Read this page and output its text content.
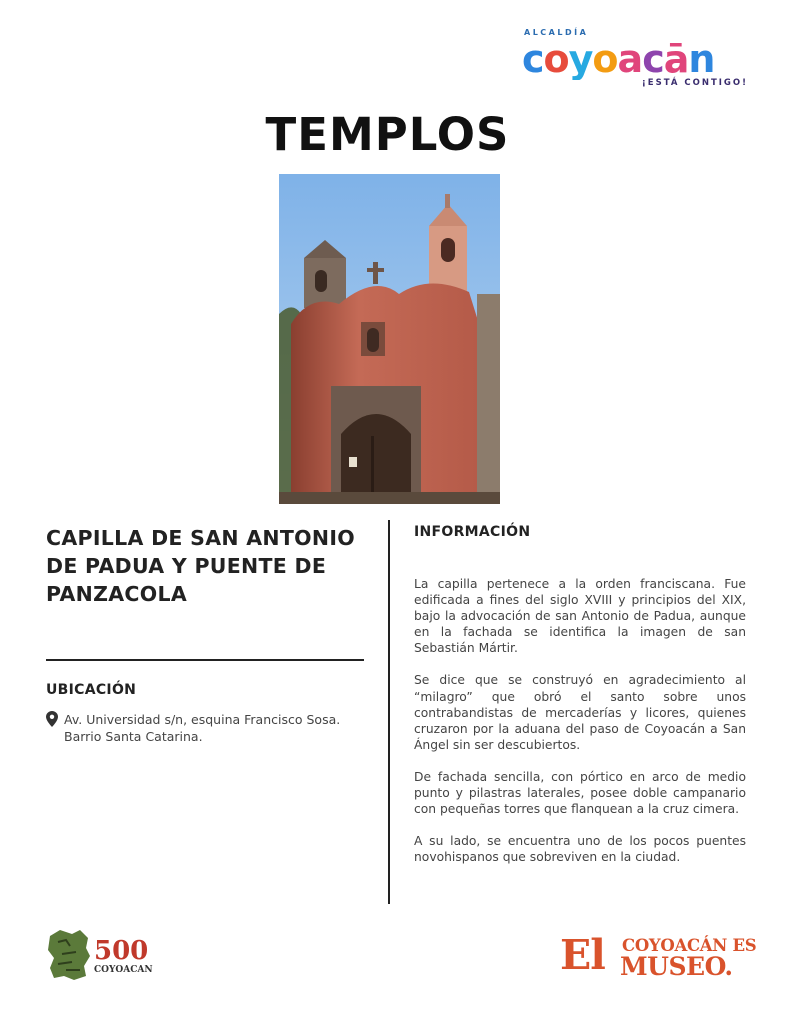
ALCALDÍA
coyoacān
¡ESTÁ CONTIGO!
TEMPLOS
CAPILLA DE SAN ANTONIO DE PADUA Y PUENTE DE PANZACOLA
UBICACIÓN
Av. Universidad s/n, esquina Francisco Sosa.
Barrio Santa Catarina.
INFORMACIÓN

La capilla pertenece a la orden franciscana. Fue edificada a fines del siglo XVIII y principios del XIX, bajo la advocación de san Antonio de Padua, aunque en la fachada se identifica la imagen de san Sebastián Mártir.

Se dice que se construyó en agradecimiento al “milagro” que obró el santo sobre unos contrabandistas de mercaderías y licores, quienes cruzaron por la aduana del paso de Coyoacán a San Ángel sin ser descubiertos.

De fachada sencilla, con pórtico en arco de medio punto y pilastras laterales, posee doble campanario con pequeñas torres que flanquean a la cruz cimera.

A su lado, se encuentra uno de los pocos puentes novohispanos que sobreviven en la ciudad.

500
COYOACAN	El COYOACÁN ES
MUSEO.
